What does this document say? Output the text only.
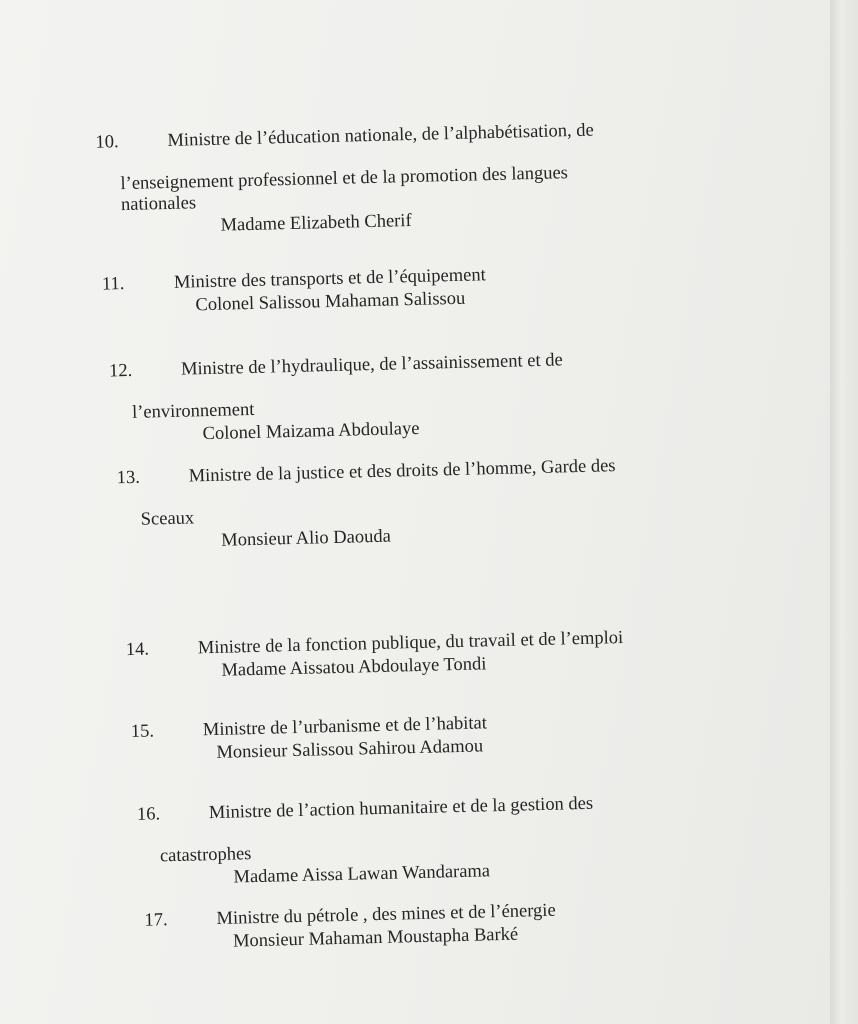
10.	Ministre de l’éducation nationale, de l’alphabétisation, de
l’enseignement professionnel et de la promotion des langues
nationales
Madame Elizabeth Cherif
11.	Ministre des transports et de l’équipement
Colonel Salissou Mahaman Salissou
12.	Ministre de l’hydraulique, de l’assainissement et de
l’environnement
Colonel Maizama Abdoulaye
13.	Ministre de la justice et des droits de l’homme, Garde des
Sceaux
Monsieur Alio Daouda
14.	Ministre de la fonction publique, du travail et de l’emploi
Madame Aissatou Abdoulaye Tondi
15.	Ministre de l’urbanisme et de l’habitat
Monsieur Salissou Sahirou Adamou
16.	Ministre de l’action humanitaire et de la gestion des
catastrophes
Madame Aissa Lawan Wandarama
17.	Ministre du pétrole , des mines et de l’énergie
Monsieur Mahaman Moustapha Barké
